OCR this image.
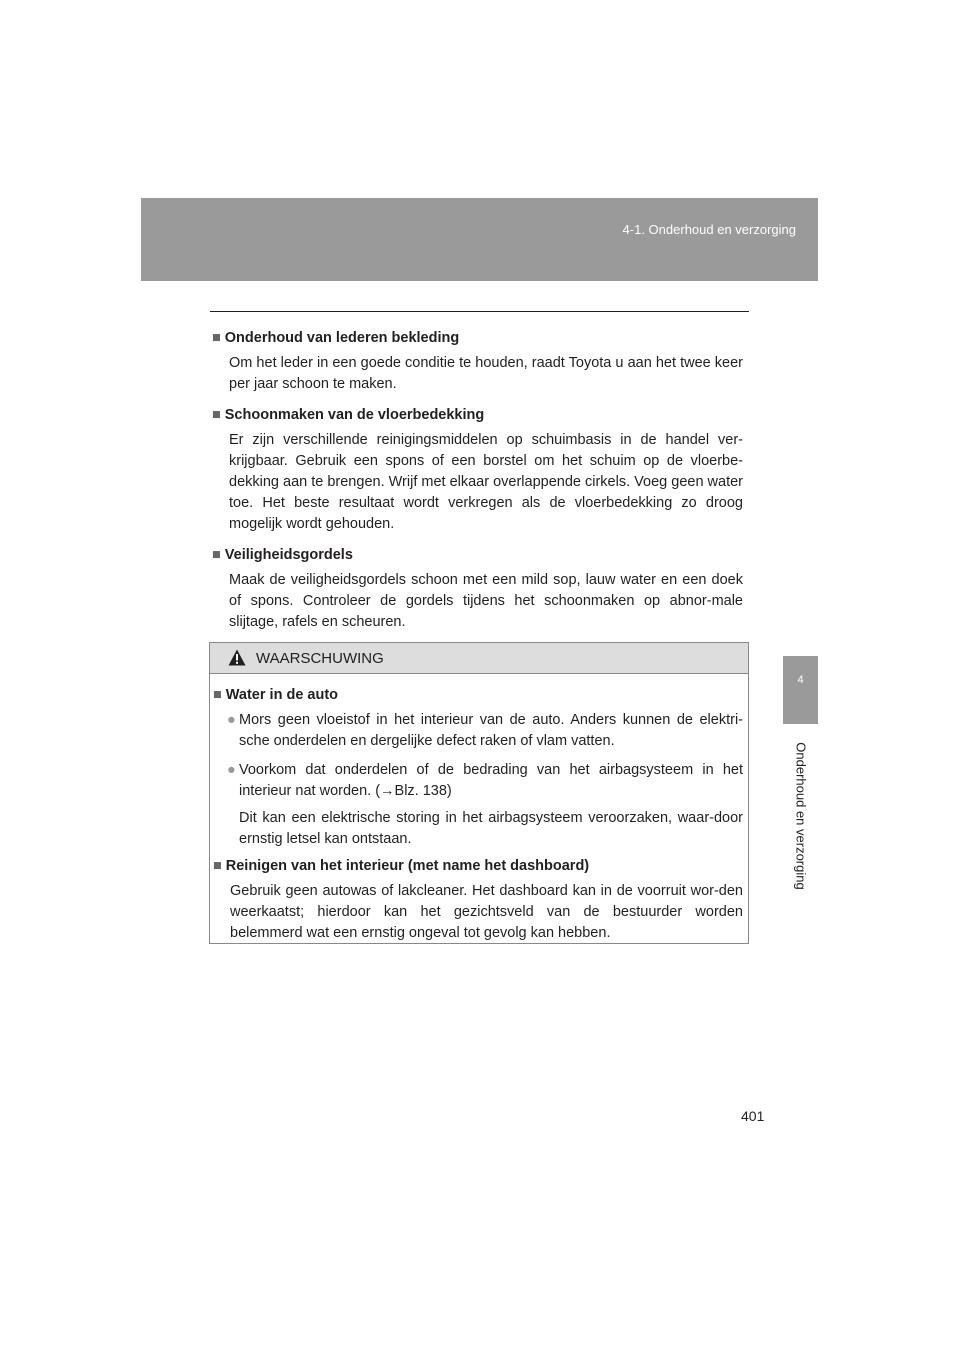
4-1. Onderhoud en verzorging
4
Onderhoud en verzorging

■ Onderhoud van lederen bekleding

Om het leder in een goede conditie te houden, raadt Toyota u aan het twee keer per jaar schoon te maken.

■ Schoonmaken van de vloerbedekking

Er zijn verschillende reinigingsmiddelen op schuimbasis in de handel ver-krijgbaar. Gebruik een spons of een borstel om het schuim op de vloerbe-dekking aan te brengen. Wrijf met elkaar overlappende cirkels. Voeg geen water toe. Het beste resultaat wordt verkregen als de vloerbedekking zo droog mogelijk wordt gehouden.

■ Veiligheidsgordels

Maak de veiligheidsgordels schoon met een mild sop, lauw water en een doek of spons. Controleer de gordels tijdens het schoonmaken op abnor-male slijtage, rafels en scheuren.

WAARSCHUWING

■ Water in de auto

● Mors geen vloeistof in het interieur van de auto. Anders kunnen de elektri-sche onderdelen en dergelijke defect raken of vlam vatten.
● Voorkom dat onderdelen of de bedrading van het airbagsysteem in het interieur nat worden. (→Blz. 138)

Dit kan een elektrische storing in het airbagsysteem veroorzaken, waar-door ernstig letsel kan ontstaan.

■ Reinigen van het interieur (met name het dashboard)

Gebruik geen autowas of lakcleaner. Het dashboard kan in de voorruit wor-den weerkaatst; hierdoor kan het gezichtsveld van de bestuurder worden belemmerd wat een ernstig ongeval tot gevolg kan hebben.

401
